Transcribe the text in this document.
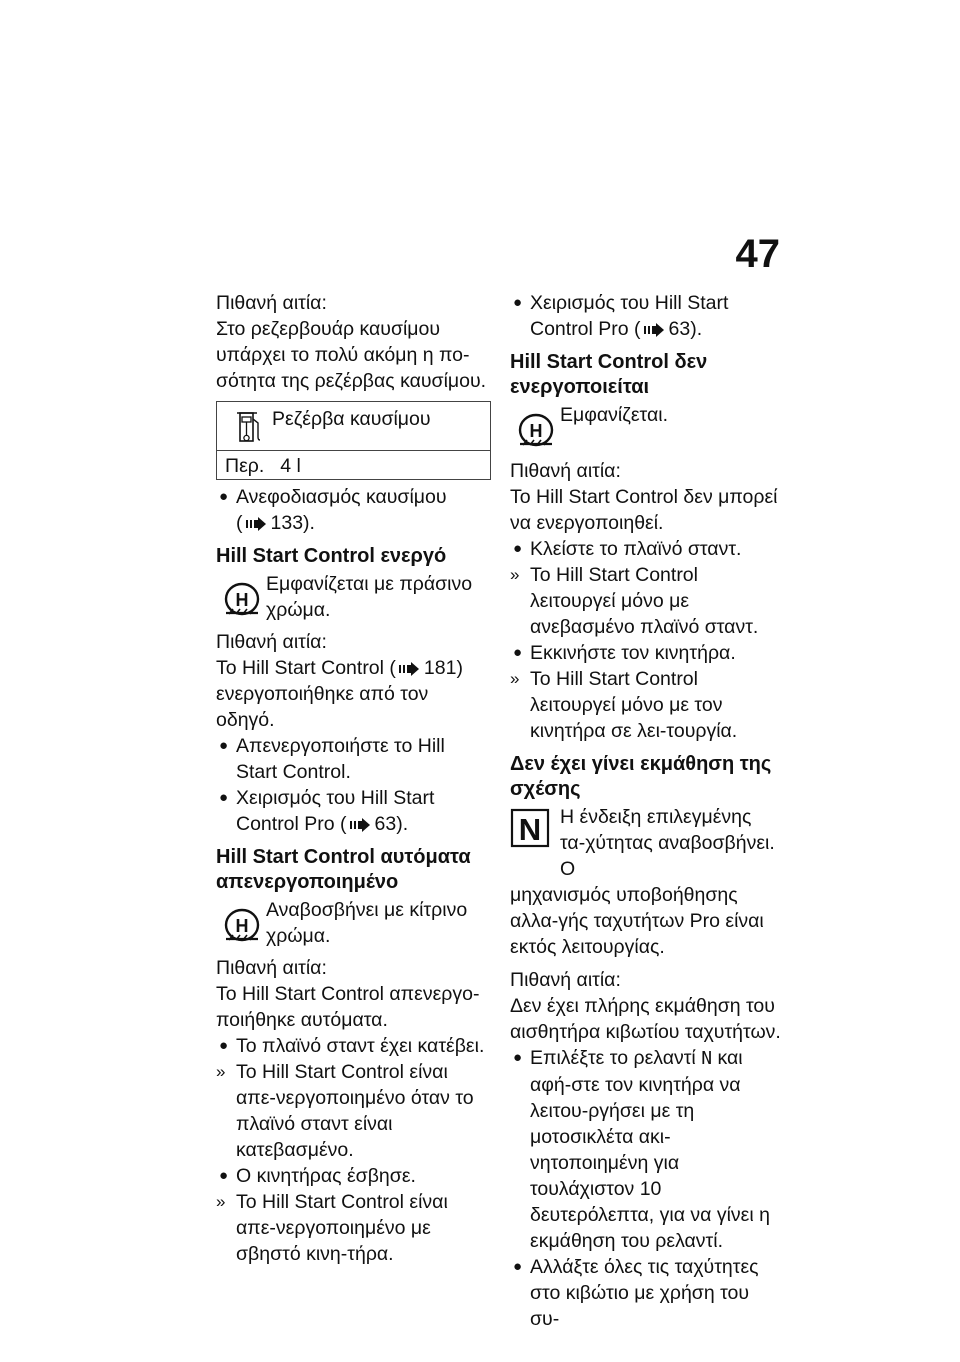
47

Πιθανή αιτία:

Στο ρεζερβουάρ καυσίμου υπάρχει το πολύ ακόμη η πο-σότητα της ρεζέρβας καυσίμου.

Ρεζέρβα καυσίμου
Περ. 4 l
● Ανεφοδιασμός καυσίμου
( 133).
Hill Start Control ενεργό
H
Εμφανίζεται με πράσινο χρώμα.

Πιθανή αιτία:

Το Hill Start Control ( 181)

ενεργοποιήθηκε από τον οδηγό.

● Απενεργοποιήστε το Hill Start Control.
● Χειρισμός του Hill Start Control Pro ( 63).
Hill Start Control αυτόματα απενεργοποιημένο
H
Αναβοσβήνει με κίτρινο χρώμα.

Πιθανή αιτία:

Το Hill Start Control απενεργο-ποιήθηκε αυτόματα.

● Το πλαϊνό σταντ έχει κατέβει.
» Το Hill Start Control είναι απε-νεργοποιημένο όταν το πλαϊνό σταντ είναι κατεβασμένο.
● Ο κινητήρας έσβησε.
» Το Hill Start Control είναι απε-νεργοποιημένο με σβηστό κινη-τήρα.
● Χειρισμός του Hill Start Control Pro ( 63).
Hill Start Control δεν ενεργοποιείται
H
Εμφανίζεται.

Πιθανή αιτία:

Το Hill Start Control δεν μπορεί να ενεργοποιηθεί.

● Κλείστε το πλαϊνό σταντ.
» Το Hill Start Control λειτουργεί μόνο με ανεβασμένο πλαϊνό σταντ.
● Εκκινήστε τον κινητήρα.
» Το Hill Start Control λειτουργεί μόνο με τον κινητήρα σε λει-τουργία.
Δεν έχει γίνει εκμάθηση της σχέσης
N Η ένδειξη επιλεγμένης τα-χύτητας αναβοσβήνει. Ο

μηχανισμός υποβοήθησης αλλα-γής ταχυτήτων Pro είναι εκτός λειτουργίας.

Πιθανή αιτία:

Δεν έχει πλήρης εκμάθηση του αισθητήρα κιβωτίου ταχυτήτων.

● Επιλέξτε το ρελαντί N και αφή-στε τον κινητήρα να λειτου-ργήσει με τη μοτοσικλέτα ακι-νητοποιημένη για τουλάχιστον 10 δευτερόλεπτα, για να γίνει η εκμάθηση του ρελαντί.
● Αλλάξτε όλες τις ταχύτητες στο κιβώτιο με χρήση του συ-
